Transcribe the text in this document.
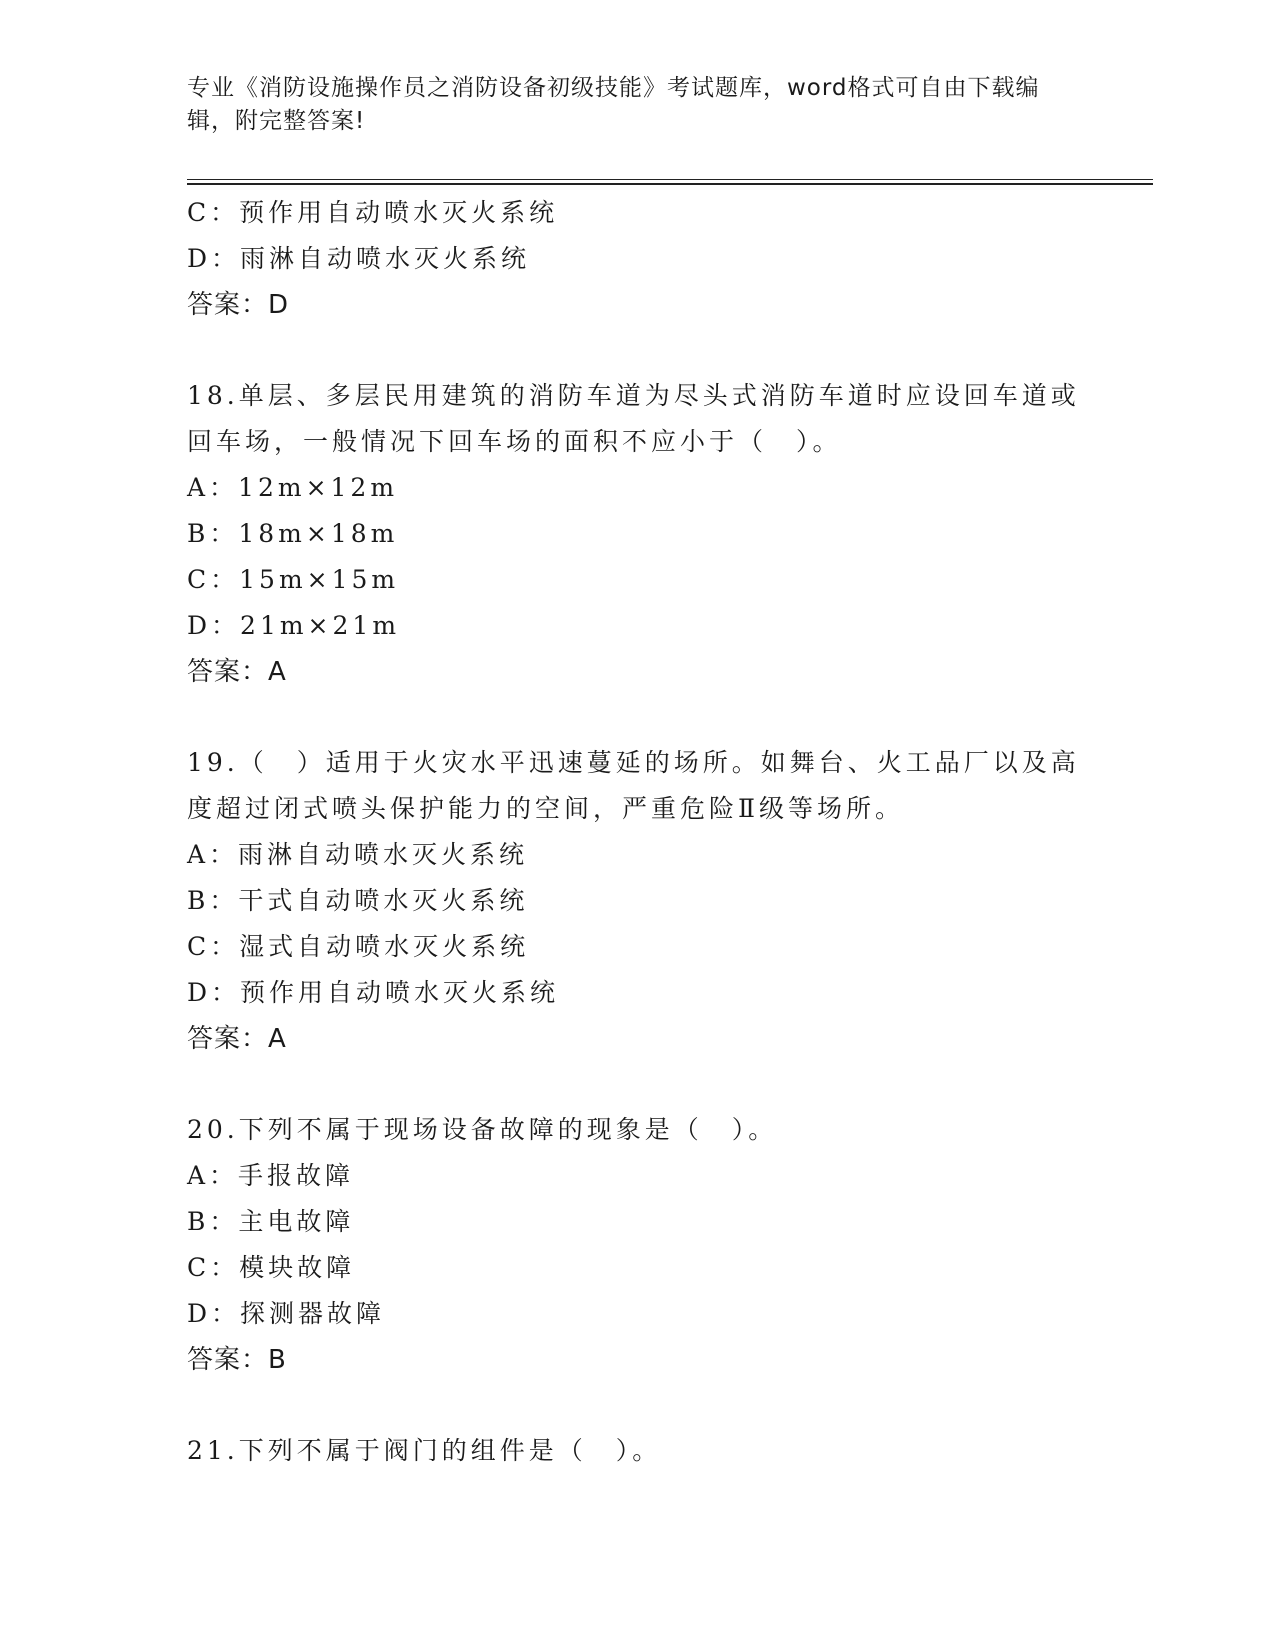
专业《消防设施操作员之消防设备初级技能》考试题库，word格式可自由下载编
辑，附完整答案!
C：预作用自动喷水灭火系统
D：雨淋自动喷水灭火系统
答案：D
18.单层、多层民用建筑的消防车道为尽头式消防车道时应设回车道或
回车场，一般情况下回车场的面积不应小于（　）。
A：12m×12m
B：18m×18m
C：15m×15m
D：21m×21m
答案：A
19.（　）适用于火灾水平迅速蔓延的场所。如舞台、火工品厂以及高
度超过闭式喷头保护能力的空间，严重危险Ⅱ级等场所。
A：雨淋自动喷水灭火系统
B：干式自动喷水灭火系统
C：湿式自动喷水灭火系统
D：预作用自动喷水灭火系统
答案：A
20.下列不属于现场设备故障的现象是（　）。
A：手报故障
B：主电故障
C：模块故障
D：探测器故障
答案：B
21.下列不属于阀门的组件是（　）。
